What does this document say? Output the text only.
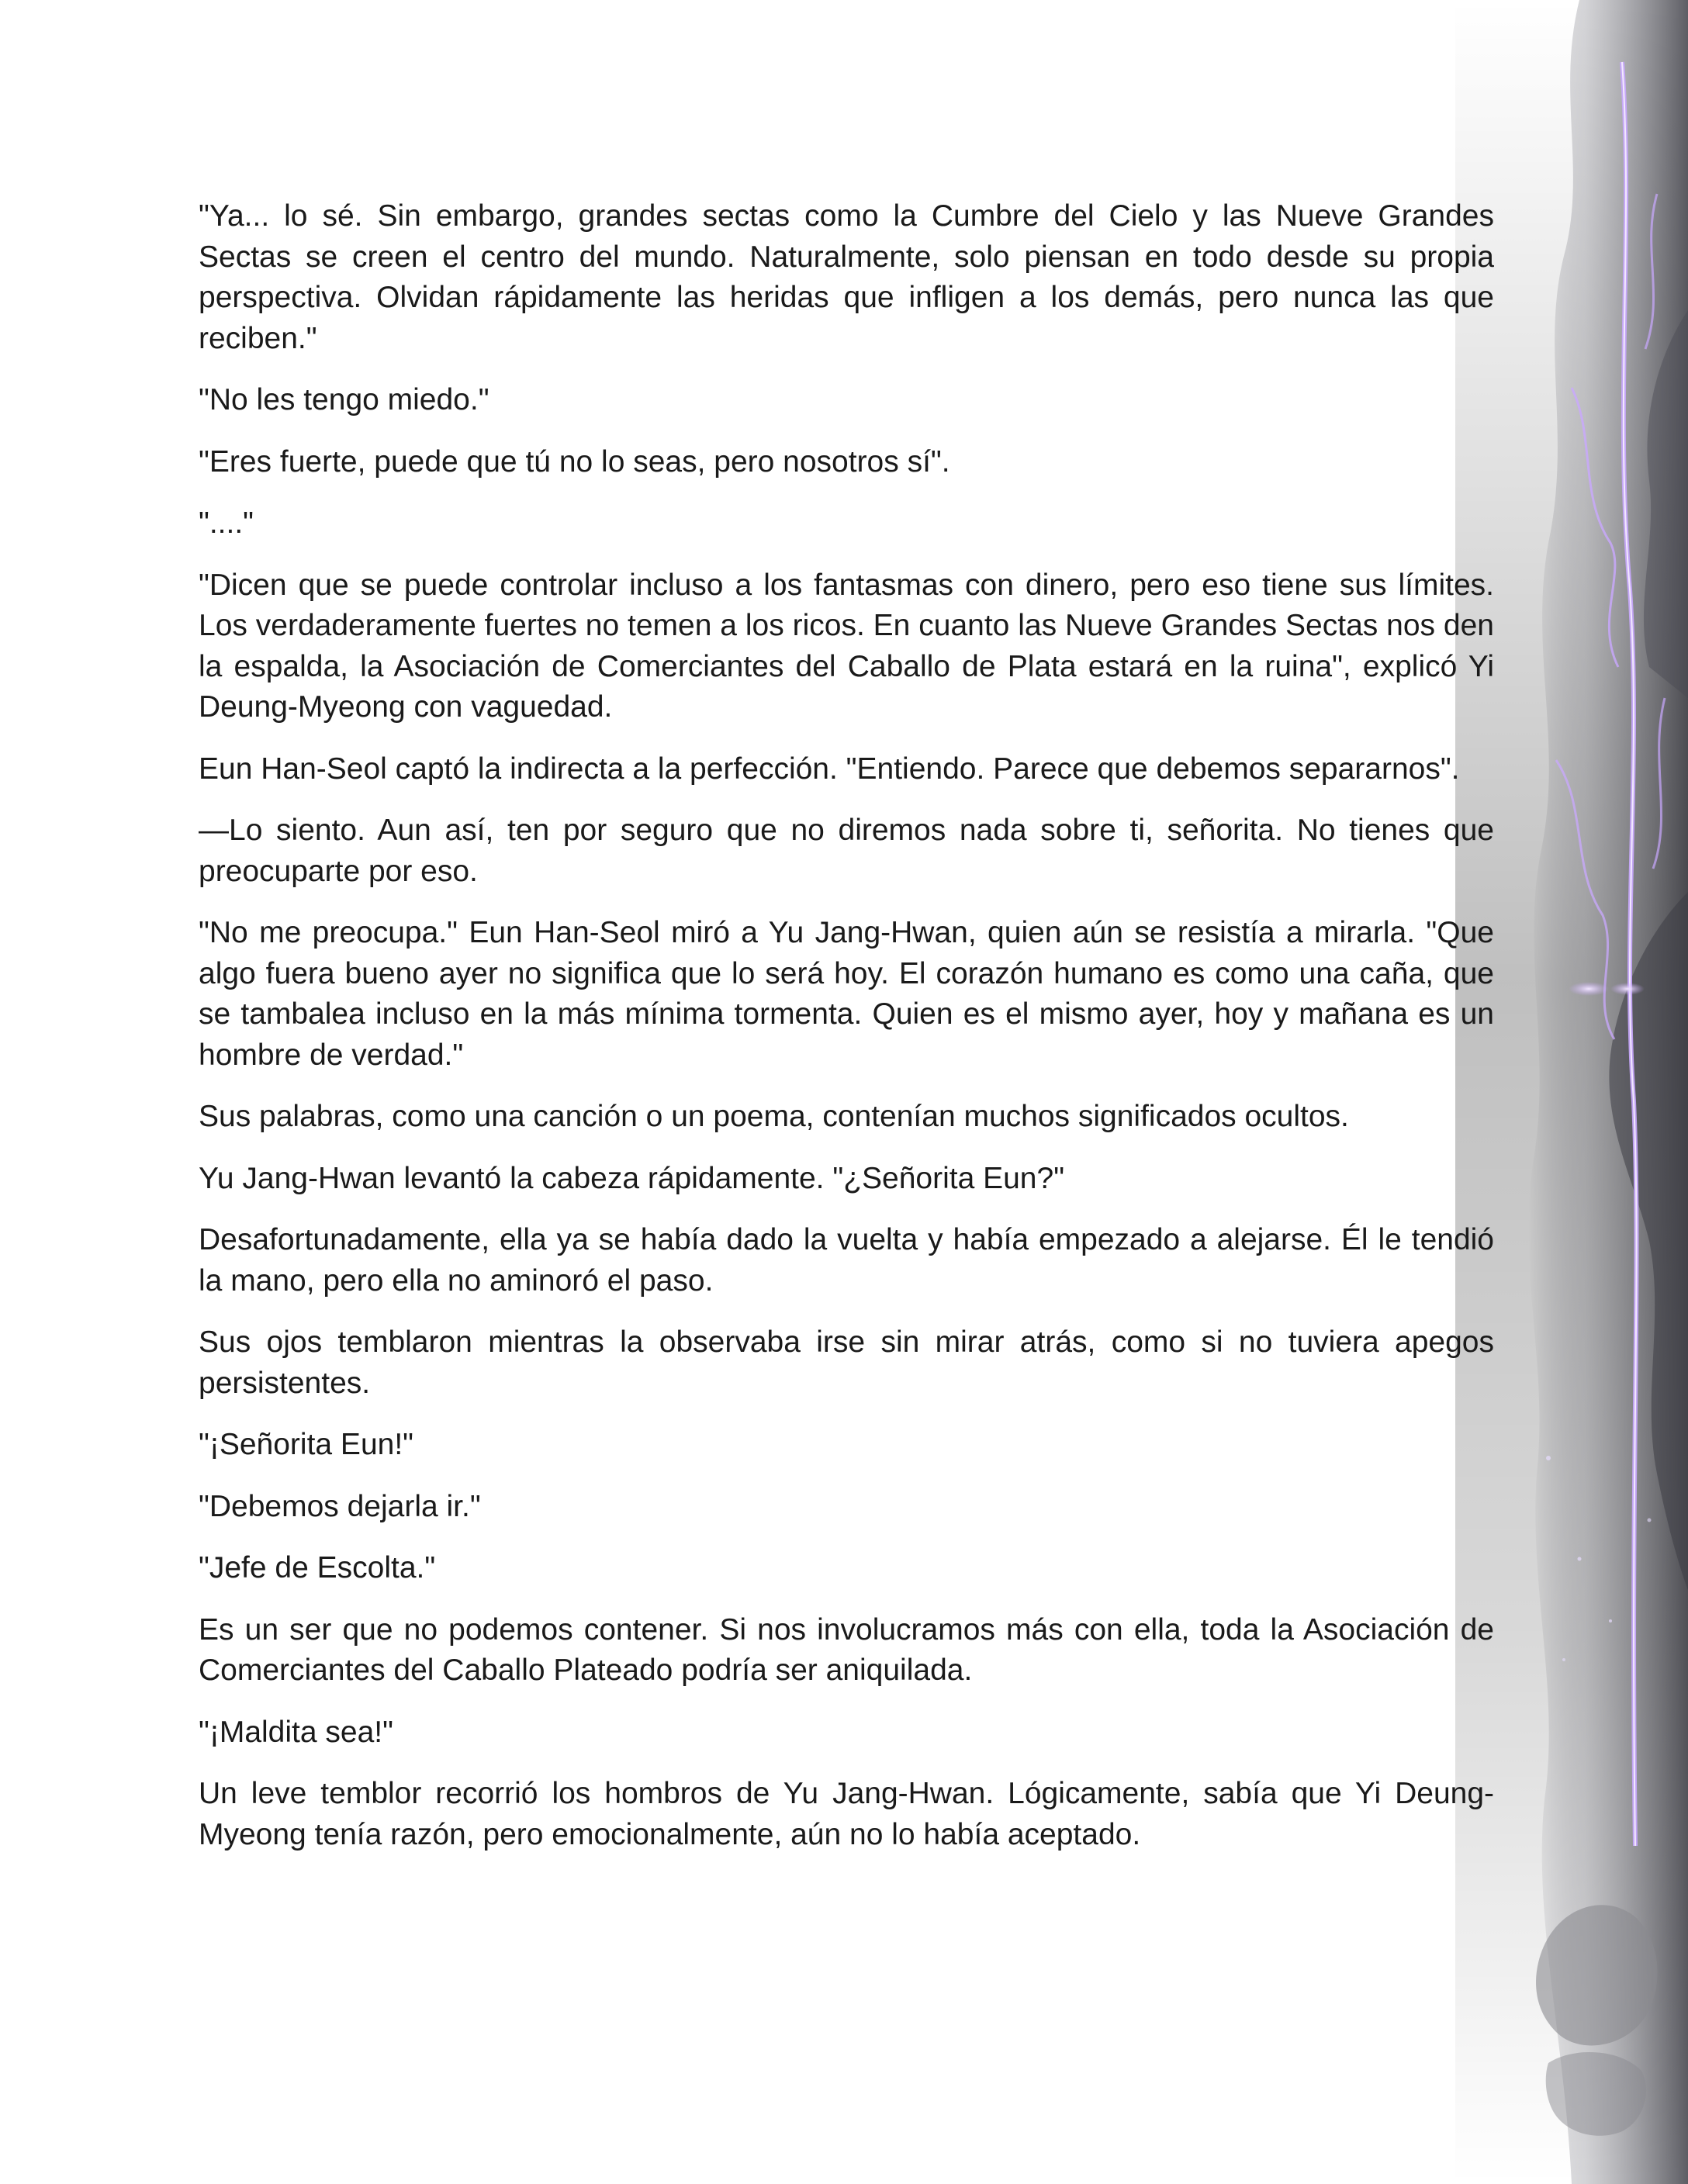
"Ya... lo sé. Sin embargo, grandes sectas como la Cumbre del Cielo y las Nueve Grandes Sectas se creen el centro del mundo. Naturalmente, solo piensan en todo desde su propia perspectiva. Olvidan rápidamente las heridas que infligen a los demás, pero nunca las que reciben."

"No les tengo miedo."

"Eres fuerte, puede que tú no lo seas, pero nosotros sí".

"...."

"Dicen que se puede controlar incluso a los fantasmas con dinero, pero eso tiene sus límites. Los verdaderamente fuertes no temen a los ricos. En cuanto las Nueve Grandes Sectas nos den la espalda, la Asociación de Comerciantes del Caballo de Plata estará en la ruina", explicó Yi Deung-Myeong con vaguedad.

Eun Han-Seol captó la indirecta a la perfección. "Entiendo. Parece que debemos separarnos".

—Lo siento. Aun así, ten por seguro que no diremos nada sobre ti, señorita. No tienes que preocuparte por eso.

"No me preocupa." Eun Han-Seol miró a Yu Jang-Hwan, quien aún se resistía a mirarla. "Que algo fuera bueno ayer no significa que lo será hoy. El corazón humano es como una caña, que se tambalea incluso en la más mínima tormenta. Quien es el mismo ayer, hoy y mañana es un hombre de verdad."

Sus palabras, como una canción o un poema, contenían muchos significados ocultos.

Yu Jang-Hwan levantó la cabeza rápidamente. "¿Señorita Eun?"

Desafortunadamente, ella ya se había dado la vuelta y había empezado a alejarse. Él le tendió la mano, pero ella no aminoró el paso.

Sus ojos temblaron mientras la observaba irse sin mirar atrás, como si no tuviera apegos persistentes.

"¡Señorita Eun!"

"Debemos dejarla ir."

"Jefe de Escolta."

Es un ser que no podemos contener. Si nos involucramos más con ella, toda la Asociación de Comerciantes del Caballo Plateado podría ser aniquilada.

"¡Maldita sea!"

Un leve temblor recorrió los hombros de Yu Jang-Hwan. Lógicamente, sabía que Yi Deung-Myeong tenía razón, pero emocionalmente, aún no lo había aceptado.
